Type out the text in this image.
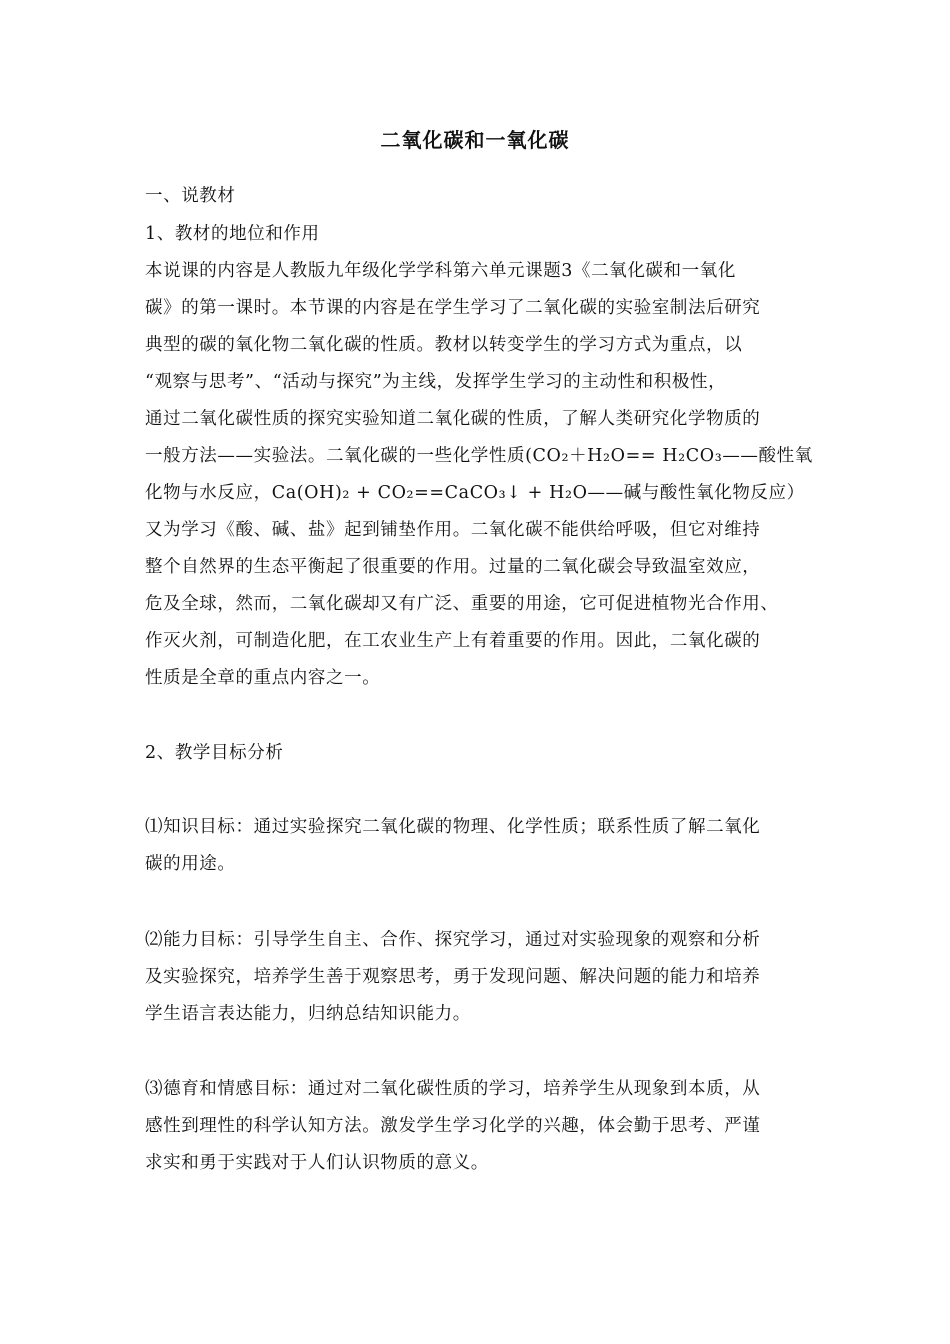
二氧化碳和一氧化碳
一、说教材
1、教材的地位和作用
本说课的内容是人教版九年级化学学科第六单元课题3《二氧化碳和一氧化
碳》的第一课时。本节课的内容是在学生学习了二氧化碳的实验室制法后研究
典型的碳的氧化物二氧化碳的性质。教材以转变学生的学习方式为重点，以
“观察与思考”、“活动与探究”为主线，发挥学生学习的主动性和积极性，
通过二氧化碳性质的探究实验知道二氧化碳的性质，了解人类研究化学物质的
一般方法——实验法。二氧化碳的一些化学性质(CO₂＋H₂O== H₂CO₃——酸性氧
化物与水反应，Ca(OH)₂ + CO₂==CaCO₃↓ + H₂O——碱与酸性氧化物反应）
又为学习《酸、碱、盐》起到铺垫作用。二氧化碳不能供给呼吸，但它对维持
整个自然界的生态平衡起了很重要的作用。过量的二氧化碳会导致温室效应，
危及全球，然而，二氧化碳却又有广泛、重要的用途，它可促进植物光合作用、
作灭火剂，可制造化肥，在工农业生产上有着重要的作用。因此，二氧化碳的
性质是全章的重点内容之一。
2、教学目标分析
⑴知识目标：通过实验探究二氧化碳的物理、化学性质；联系性质了解二氧化
碳的用途。
⑵能力目标：引导学生自主、合作、探究学习，通过对实验现象的观察和分析
及实验探究，培养学生善于观察思考，勇于发现问题、解决问题的能力和培养
学生语言表达能力，归纳总结知识能力。
⑶德育和情感目标：通过对二氧化碳性质的学习，培养学生从现象到本质，从
感性到理性的科学认知方法。激发学生学习化学的兴趣，体会勤于思考、严谨
求实和勇于实践对于人们认识物质的意义。
